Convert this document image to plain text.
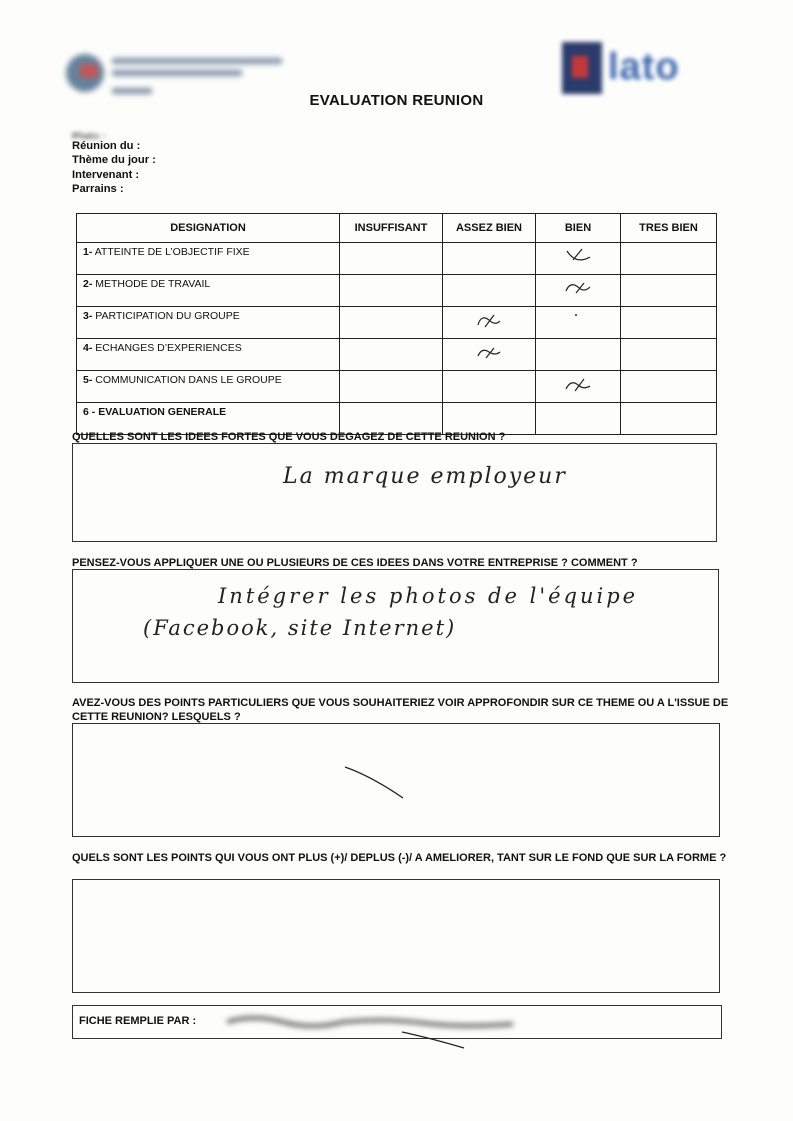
lato
EVALUATION REUNION
Plato :
Réunion du :
Thème du jour :
Intervenant :
Parrains :
DESIGNATION	INSUFFISANT	ASSEZ BIEN	BIEN	TRES BIEN
1- ATTEINTE DE L’OBJECTIF FIXE			

2- METHODE DE TRAVAIL			

3- PARTICIPATION DU GROUPE		

4- ECHANGES D’EXPERIENCES		

5- COMMUNICATION DANS LE GROUPE			

6 - EVALUATION GENERALE				
QUELLES SONT LES IDEES FORTES QUE VOUS DEGAGEZ DE CETTE REUNION ?
La marque employeur
PENSEZ-VOUS APPLIQUER UNE OU PLUSIEURS DE CES IDEES DANS VOTRE ENTREPRISE ? COMMENT ?
Intégrer les photos de l'équipe
(Facebook, site Internet)
AVEZ-VOUS DES POINTS PARTICULIERS QUE VOUS SOUHAITERIEZ VOIR APPROFONDIR SUR CE THEME OU A L'ISSUE DE CETTE REUNION? LESQUELS ?
QUELS SONT LES POINTS QUI VOUS ONT PLUS (+)/ DEPLUS (-)/ A AMELIORER, TANT SUR LE FOND QUE SUR LA FORME ?
FICHE REMPLIE PAR :
